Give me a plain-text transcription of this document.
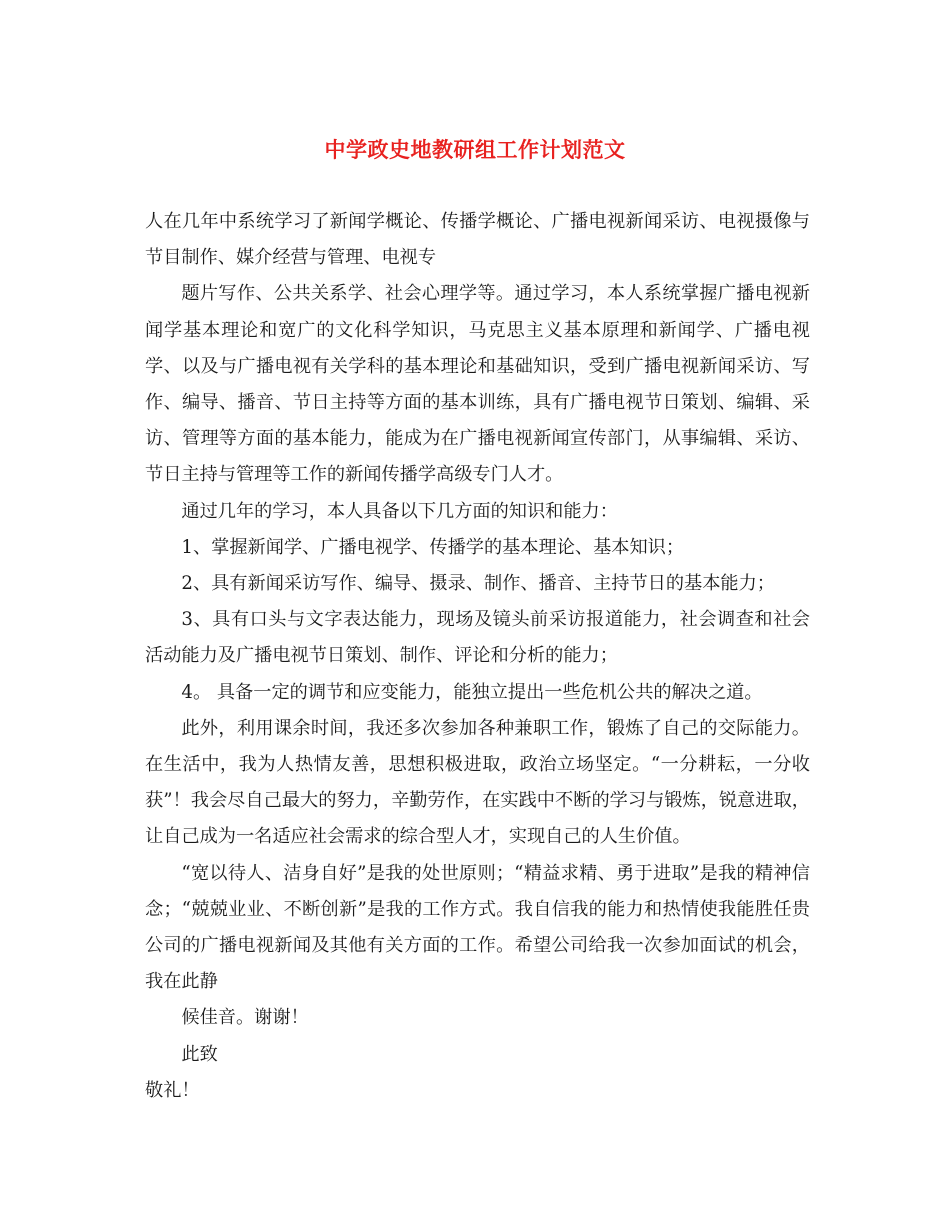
中学政史地教研组工作计划范文

人在几年中系统学习了新闻学概论、传播学概论、广播电视新闻采访、电视摄像与节目制作、媒介经营与管理、电视专

题片写作、公共关系学、社会心理学等。通过学习，本人系统掌握广播电视新闻学基本理论和宽广的文化科学知识，马克思主义基本原理和新闻学、广播电视学、以及与广播电视有关学科的基本理论和基础知识，受到广播电视新闻采访、写作、编导、播音、节日主持等方面的基本训练，具有广播电视节日策划、编辑、采访、管理等方面的基本能力，能成为在广播电视新闻宣传部门，从事编辑、采访、节日主持与管理等工作的新闻传播学高级专门人才。

通过几年的学习，本人具备以下几方面的知识和能力：

1、掌握新闻学、广播电视学、传播学的基本理论、基本知识；

2、具有新闻采访写作、编导、摄录、制作、播音、主持节日的基本能力；

3、具有口头与文字表达能力，现场及镜头前采访报道能力，社会调查和社会活动能力及广播电视节日策划、制作、评论和分析的能力；

4。 具备一定的调节和应变能力，能独立提出一些危机公共的解决之道。

此外，利用课余时间，我还多次参加各种兼职工作，锻炼了自己的交际能力。在生活中，我为人热情友善，思想积极进取，政治立场坚定。“一分耕耘，一分收获”！我会尽自己最大的努力，辛勤劳作，在实践中不断的学习与锻炼，锐意进取，让自己成为一名适应社会需求的综合型人才，实现自己的人生价值。

“宽以待人、洁身自好”是我的处世原则；“精益求精、勇于进取”是我的精神信念；“兢兢业业、不断创新”是我的工作方式。我自信我的能力和热情使我能胜任贵公司的广播电视新闻及其他有关方面的工作。希望公司给我一次参加面试的机会，我在此静

候佳音。谢谢！

此致

敬礼！
